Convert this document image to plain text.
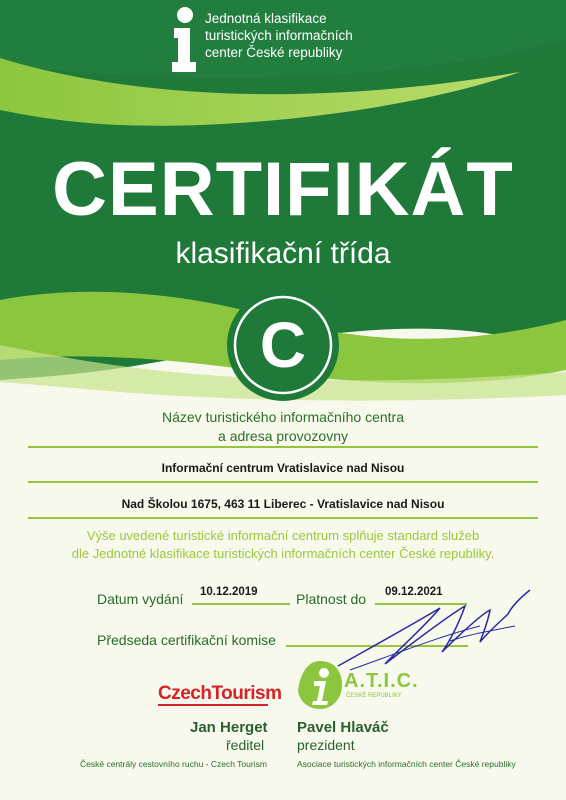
Jednotná klasifikace
turistických informačních
center České republiky
CERTIFIKÁT
klasifikační třída
C
Název turistického informačního centra
a adresa provozovny
Informační centrum Vratislavice nad Nisou
Nad Školou 1675, 463 11 Liberec - Vratislavice nad Nisou
Výše uvedené turistické informační centrum splňuje standard služeb
dle Jednotné klasifikace turistických informačních center České republiky.
Datum vydání 10.12.2019	Platnost do 09.12.2021
Předseda certifikační komise
CzechTourism
A.T.I.C.
ČESKÉ REPUBLIKY
Jan Herget
ředitel
České centrály cestovního ruchu - Czech Tourism
Pavel Hlaváč
prezident
Asociace turistických informačních center České republiky
